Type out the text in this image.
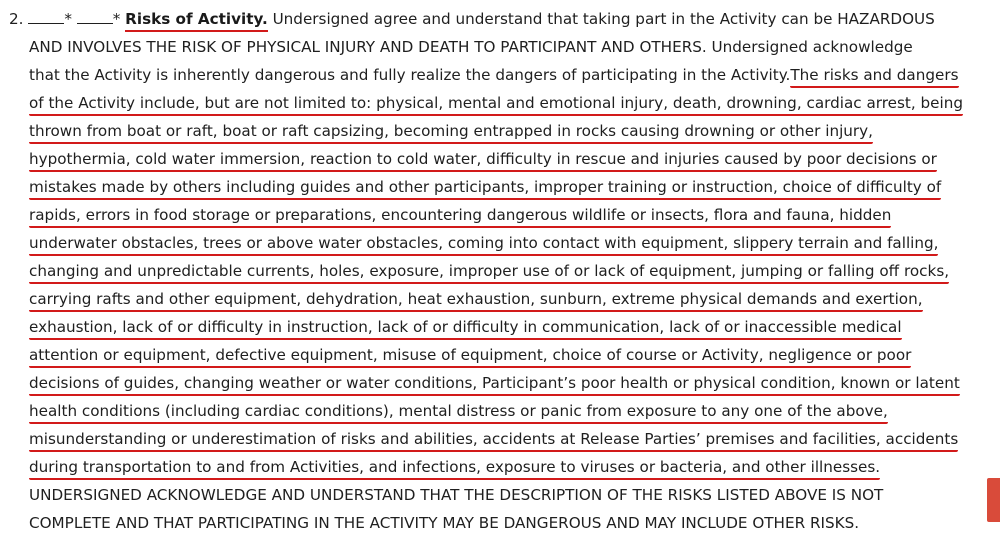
2.	*	* Risks of Activity. Undersigned agree and understand that taking part in the Activity can be HAZARDOUS
AND INVOLVES THE RISK OF PHYSICAL INJURY AND DEATH TO PARTICIPANT AND OTHERS. Undersigned acknowledge
that the Activity is inherently dangerous and fully realize the dangers of participating in the Activity.The risks and dangers
of the Activity include, but are not limited to: physical, mental and emotional injury, death, drowning, cardiac arrest, being
thrown from boat or raft, boat or raft capsizing, becoming entrapped in rocks causing drowning or other injury,
hypothermia, cold water immersion, reaction to cold water, difficulty in rescue and injuries caused by poor decisions or
mistakes made by others including guides and other participants, improper training or instruction, choice of difficulty of
rapids, errors in food storage or preparations, encountering dangerous wildlife or insects, flora and fauna, hidden
underwater obstacles, trees or above water obstacles, coming into contact with equipment, slippery terrain and falling,
changing and unpredictable currents, holes, exposure, improper use of or lack of equipment, jumping or falling off rocks,
carrying rafts and other equipment, dehydration, heat exhaustion, sunburn, extreme physical demands and exertion,
exhaustion, lack of or difficulty in instruction, lack of or difficulty in communication, lack of or inaccessible medical
attention or equipment, defective equipment, misuse of equipment, choice of course or Activity, negligence or poor
decisions of guides, changing weather or water conditions, Participant’s poor health or physical condition, known or latent
health conditions (including cardiac conditions), mental distress or panic from exposure to any one of the above,
misunderstanding or underestimation of risks and abilities, accidents at Release Parties’ premises and facilities, accidents
during transportation to and from Activities, and infections, exposure to viruses or bacteria, and other illnesses.
UNDERSIGNED ACKNOWLEDGE AND UNDERSTAND THAT THE DESCRIPTION OF THE RISKS LISTED ABOVE IS NOT
COMPLETE AND THAT PARTICIPATING IN THE ACTIVITY MAY BE DANGEROUS AND MAY INCLUDE OTHER RISKS.
